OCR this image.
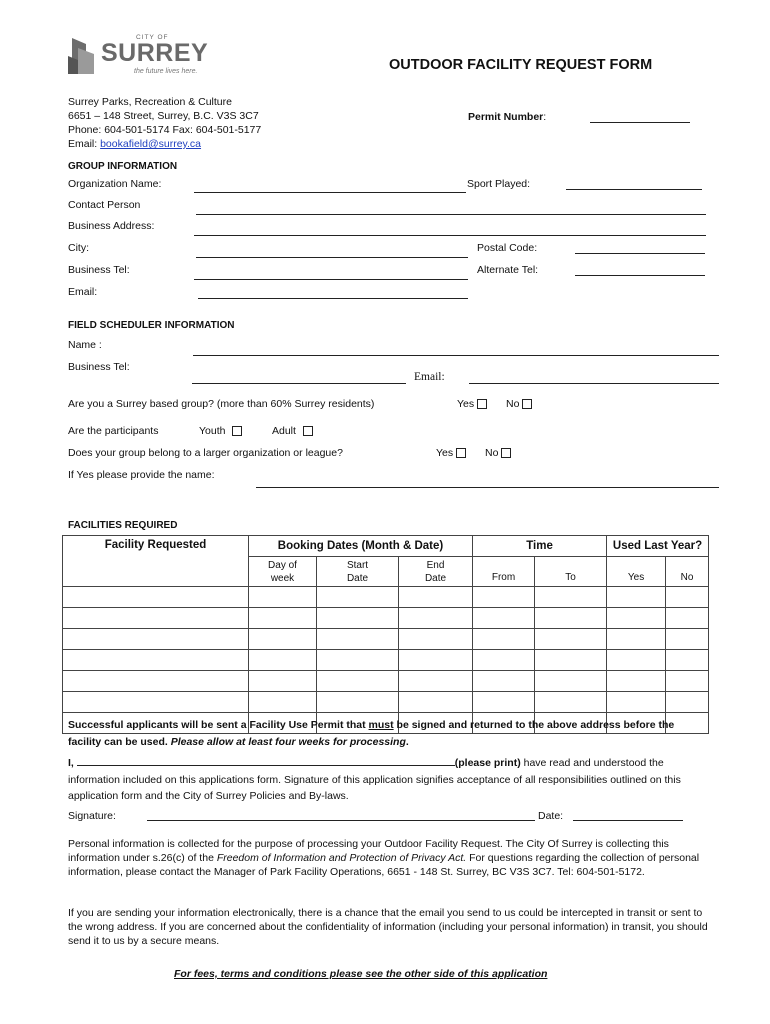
CITY OF
SURREY
the future lives here.	OUTDOOR FACILITY REQUEST FORM
Surrey Parks, Recreation & Culture
6651 – 148 Street, Surrey, B.C. V3S 3C7
Phone: 604-501-5174 Fax: 604-501-5177
Email: bookafield@surrey.ca
Permit Number:
GROUP INFORMATION
Organization Name:	Sport Played:
Contact Person
Business Address:
City:	Postal Code:
Business Tel:	Alternate Tel:
Email:
FIELD SCHEDULER INFORMATION
Name :
Business Tel:
Email:
Are you a Surrey based group? (more than 60% Surrey residents)	Yes	No
Are the participants	Youth	Adult
Does your group belong to a larger organization or league?	Yes	No
If Yes please provide the name:
FACILITIES REQUIRED
Facility Requested	Booking Dates (Month & Date)			Time		Used Last Year?	

	Day of week	Start Date	End Date	From	To	Yes	No

Successful applicants will be sent a Facility Use Permit that must be signed and returned to the above address before the facility can be used. Please allow at least four weeks for processing.
I,	(please print) have read and understood the information included on this applications form. Signature of this application signifies acceptance of all responsibilities outlined on this application form and the City of Surrey Policies and By-laws.
Signature:	Date:
Personal information is collected for the purpose of processing your Outdoor Facility Request. The City Of Surrey is collecting this information under s.26(c) of the Freedom of Information and Protection of Privacy Act. For questions regarding the collection of personal information, please contact the Manager of Park Facility Operations, 6651 - 148 St. Surrey, BC V3S 3C7. Tel: 604-501-5172.
If you are sending your information electronically, there is a chance that the email you send to us could be intercepted in transit or sent to the wrong address. If you are concerned about the confidentiality of information (including your personal information) in transit, you should send it to us by a secure means.
For fees, terms and conditions please see the other side of this application
